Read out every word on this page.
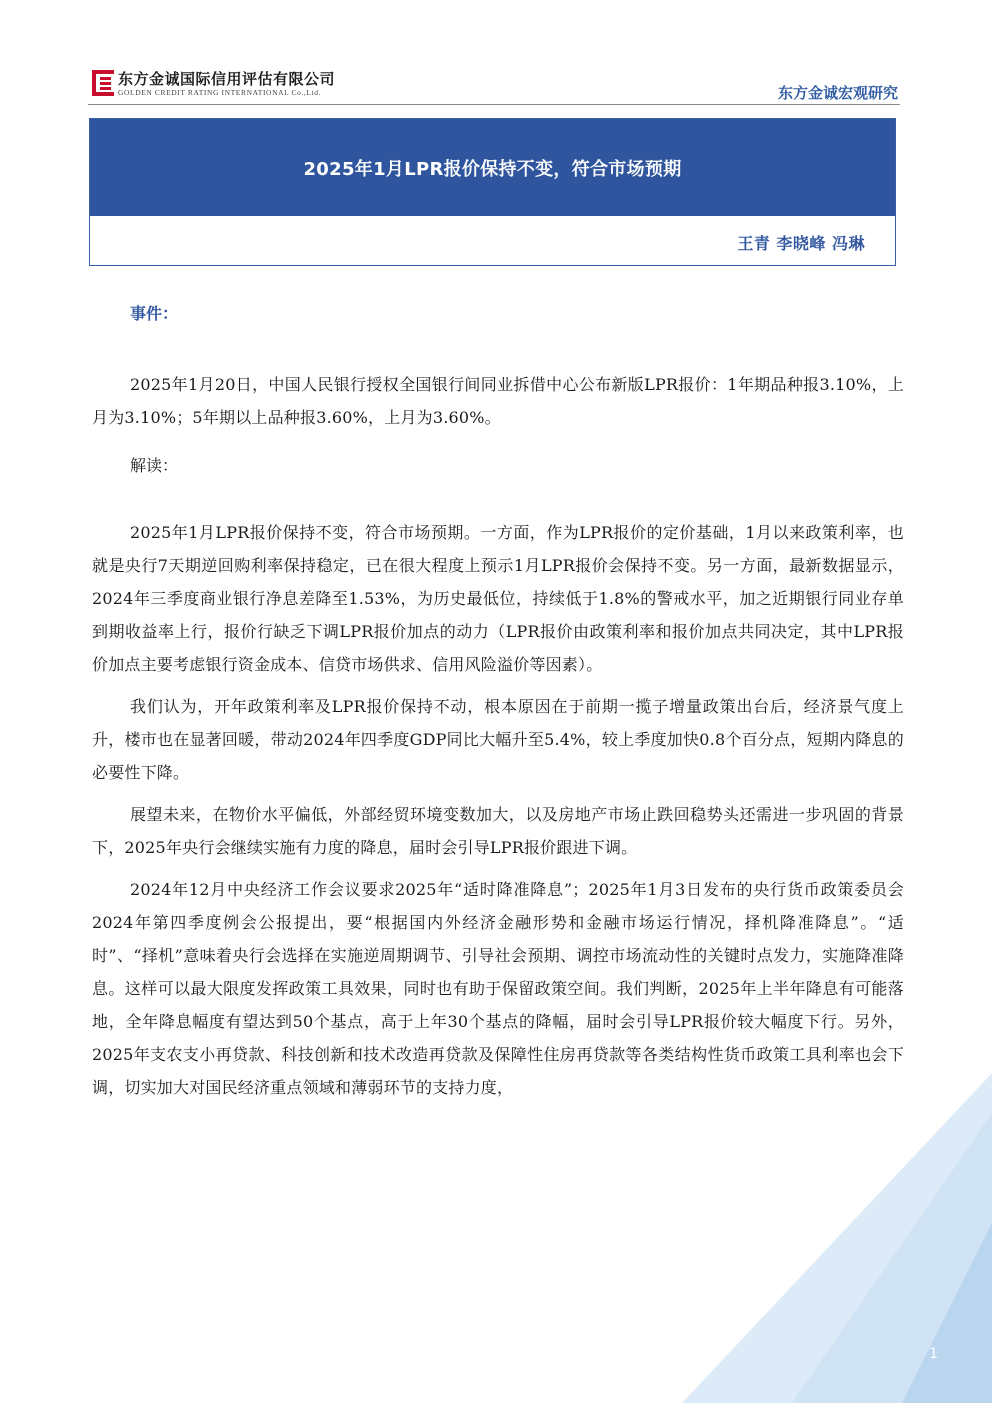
东方金诚国际信用评估有限公司
GOLDEN CREDIT RATING INTERNATIONAL Co.,Ltd.	东方金诚宏观研究
2025年1月LPR报价保持不变，符合市场预期
王青 李晓峰 冯琳
事件：

2025年1月20日，中国人民银行授权全国银行间同业拆借中心公布新版LPR报价：1年期品种报3.10%，上月为3.10%；5年期以上品种报3.60%，上月为3.60%。

解读：

2025年1月LPR报价保持不变，符合市场预期。一方面，作为LPR报价的定价基础，1月以来政策利率，也就是央行7天期逆回购利率保持稳定，已在很大程度上预示1月LPR报价会保持不变。另一方面，最新数据显示，2024年三季度商业银行净息差降至1.53%，为历史最低位，持续低于1.8%的警戒水平，加之近期银行同业存单到期收益率上行，报价行缺乏下调LPR报价加点的动力（LPR报价由政策利率和报价加点共同决定，其中LPR报价加点主要考虑银行资金成本、信贷市场供求、信用风险溢价等因素）。

我们认为，开年政策利率及LPR报价保持不动，根本原因在于前期一揽子增量政策出台后，经济景气度上升，楼市也在显著回暖，带动2024年四季度GDP同比大幅升至5.4%，较上季度加快0.8个百分点，短期内降息的必要性下降。

展望未来，在物价水平偏低，外部经贸环境变数加大，以及房地产市场止跌回稳势头还需进一步巩固的背景下，2025年央行会继续实施有力度的降息，届时会引导LPR报价跟进下调。

2024年12月中央经济工作会议要求2025年“适时降准降息”；2025年1月3日发布的央行货币政策委员会2024年第四季度例会公报提出，要“根据国内外经济金融形势和金融市场运行情况，择机降准降息”。“适时”、“择机”意味着央行会选择在实施逆周期调节、引导社会预期、调控市场流动性的关键时点发力，实施降准降息。这样可以最大限度发挥政策工具效果，同时也有助于保留政策空间。我们判断，2025年上半年降息有可能落地，全年降息幅度有望达到50个基点，高于上年30个基点的降幅，届时会引导LPR报价较大幅度下行。另外，2025年支农支小再贷款、科技创新和技术改造再贷款及保障性住房再贷款等各类结构性货币政策工具利率也会下调，切实加大对国民经济重点领域和薄弱环节的支持力度，

1
